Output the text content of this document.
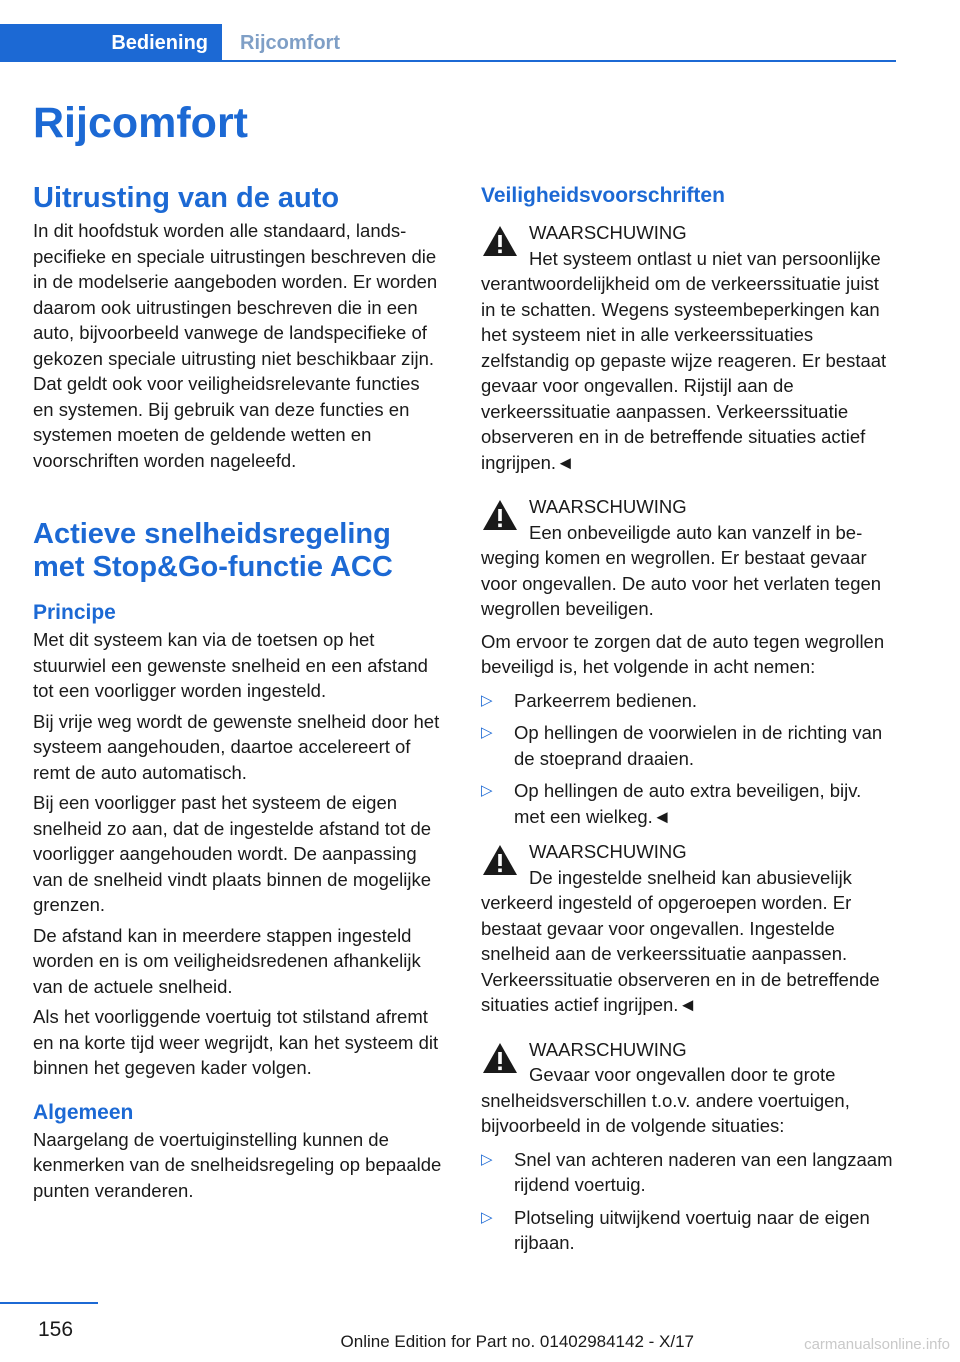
Bediening	Rijcomfort
Rijcomfort
Uitrusting van de auto

In dit hoofdstuk worden alle standaard, landspecifieke en speciale uitrustingen beschreven die in de modelserie aangeboden worden. Er worden daarom ook uitrustingen beschreven die in een auto, bijvoorbeeld vanwege de landspecifieke of gekozen speciale uitrusting niet beschikbaar zijn. Dat geldt ook voor veiligheidsrelevante functies en systemen. Bij gebruik van deze functies en systemen moeten de geldende wetten en voorschriften worden nageleefd.

Actieve snelheidsregeling met Stop&Go-functie ACC
Principe

Met dit systeem kan via de toetsen op het stuurwiel een gewenste snelheid en een afstand tot een voorligger worden ingesteld.

Bij vrije weg wordt de gewenste snelheid door het systeem aangehouden, daartoe accelereert of remt de auto automatisch.

Bij een voorligger past het systeem de eigen snelheid zo aan, dat de ingestelde afstand tot de voorligger aangehouden wordt. De aanpassing van de snelheid vindt plaats binnen de mogelijke grenzen.

De afstand kan in meerdere stappen ingesteld worden en is om veiligheidsredenen afhankelijk van de actuele snelheid.

Als het voorliggende voertuig tot stilstand afremt en na korte tijd weer wegrijdt, kan het systeem dit binnen het gegeven kader volgen.

Algemeen

Naargelang de voertuiginstelling kunnen de kenmerken van de snelheidsregeling op bepaalde punten veranderen.

Veiligheidsvoorschriften
WAARSCHUWING
Het systeem ontlast u niet van persoonlijke verantwoordelijkheid om de verkeerssituatie juist in te schatten. Wegens systeembeperkingen kan het systeem niet in alle verkeerssituaties zelfstandig op gepaste wijze reageren. Er bestaat gevaar voor ongevallen. Rijstijl aan de verkeerssituatie aanpassen. Verkeerssituatie observeren en in de betreffende situaties actief ingrijpen.◄
WAARSCHUWING
Een onbeveiligde auto kan vanzelf in beweging komen en wegrollen. Er bestaat gevaar voor ongevallen. De auto voor het verlaten tegen wegrollen beveiligen.

Om ervoor te zorgen dat de auto tegen wegrollen beveiligd is, het volgende in acht nemen:

▷ Parkeerrem bedienen.
▷ Op hellingen de voorwielen in de richting van de stoeprand draaien.
▷ Op hellingen de auto extra beveiligen, bijv. met een wielkeg.◄
WAARSCHUWING
De ingestelde snelheid kan abusievelijk verkeerd ingesteld of opgeroepen worden. Er bestaat gevaar voor ongevallen. Ingestelde snelheid aan de verkeerssituatie aanpassen. Verkeerssituatie observeren en in de betreffende situaties actief ingrijpen.◄
WAARSCHUWING
Gevaar voor ongevallen door te grote snelheidsverschillen t.o.v. andere voertuigen, bijvoorbeeld in de volgende situaties:
▷ Snel van achteren naderen van een langzaam rijdend voertuig.
▷ Plotseling uitwijkend voertuig naar de eigen rijbaan.
156
Online Edition for Part no. 01402984142 - X/17	carmanualsonline.info
